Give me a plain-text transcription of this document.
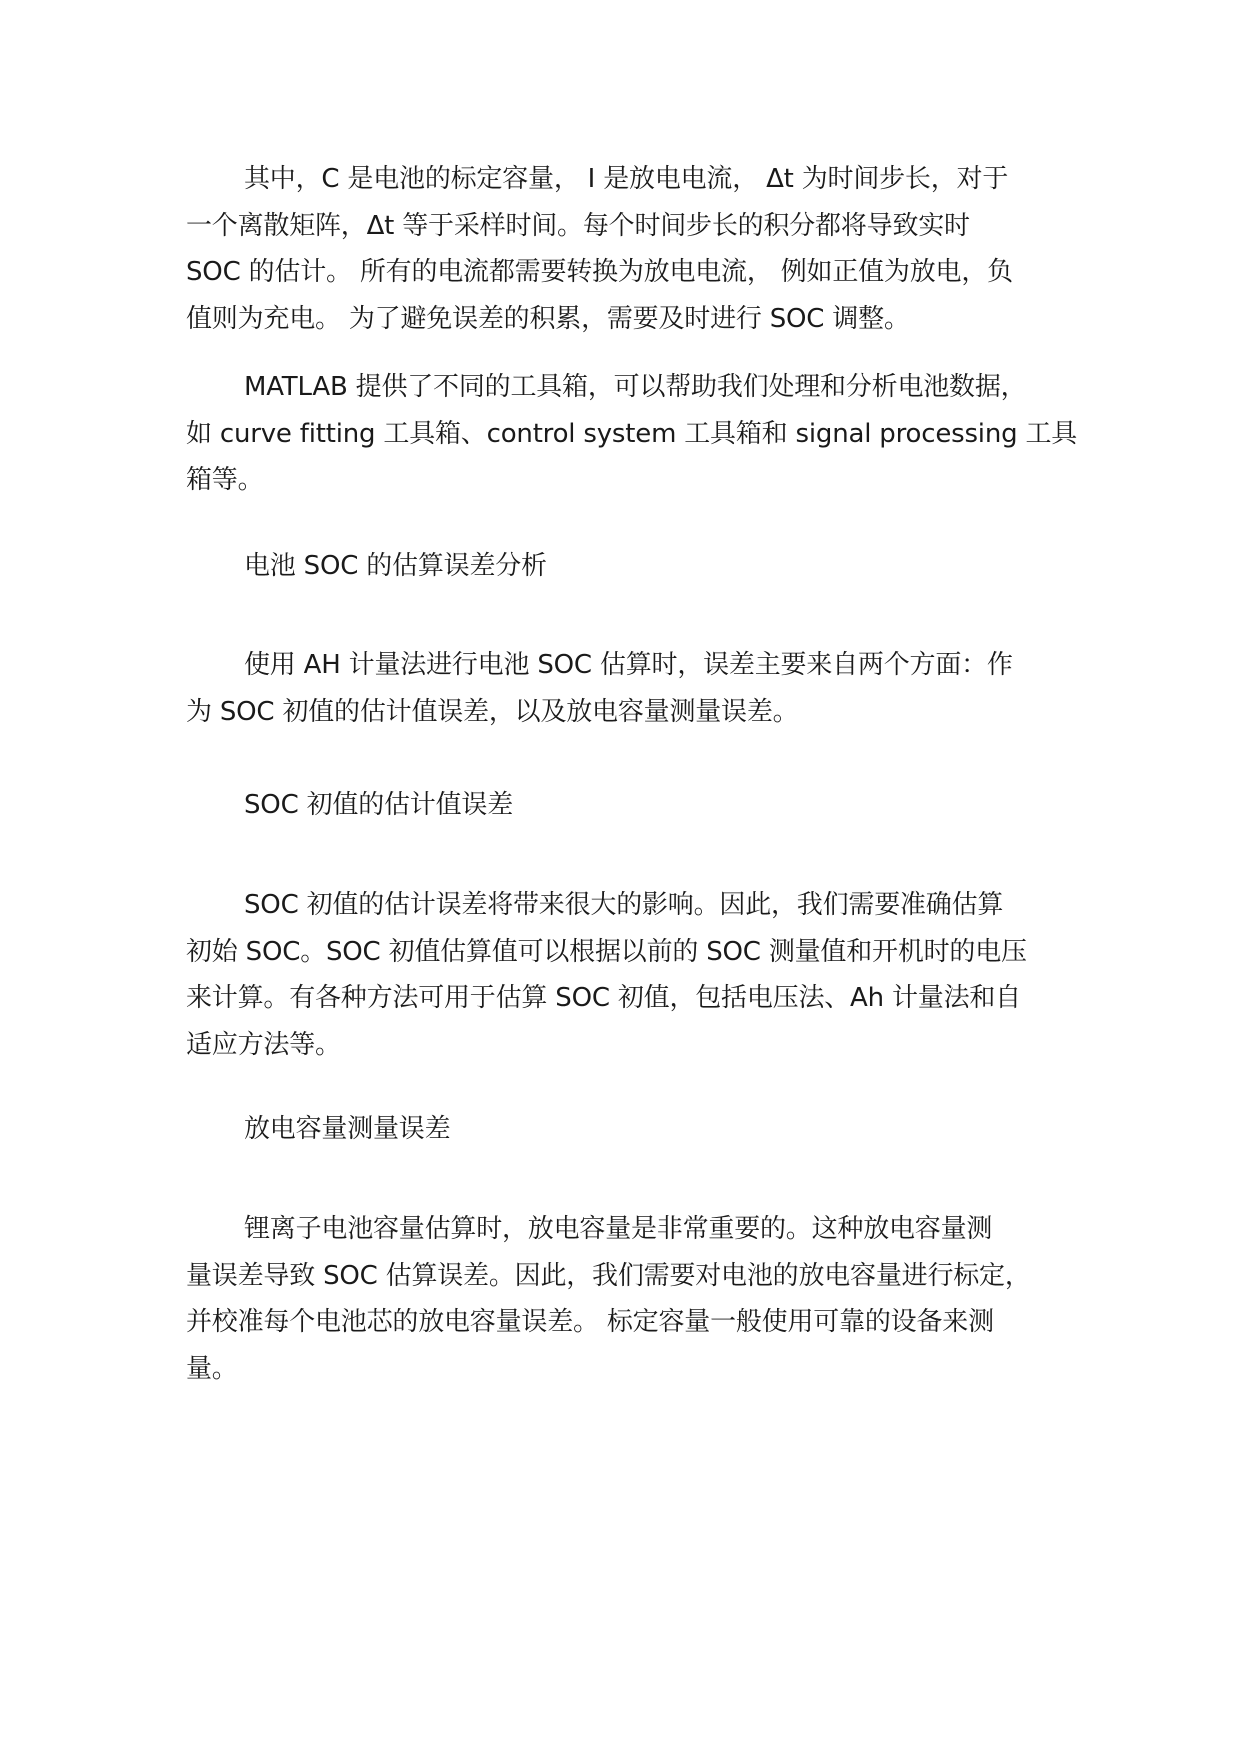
其中，C 是电池的标定容量， I 是放电电流， Δt 为时间步长，对于
一个离散矩阵，Δt 等于采样时间。每个时间步长的积分都将导致实时
SOC 的估计。 所有的电流都需要转换为放电电流， 例如正值为放电，负
值则为充电。 为了避免误差的积累，需要及时进行 SOC 调整。

MATLAB 提供了不同的工具箱，可以帮助我们处理和分析电池数据，
如 curve fitting 工具箱、control system 工具箱和 signal processing 工具
箱等。

电池 SOC 的估算误差分析

使用 AH 计量法进行电池 SOC 估算时，误差主要来自两个方面：作
为 SOC 初值的估计值误差，以及放电容量测量误差。

SOC 初值的估计值误差

SOC 初值的估计误差将带来很大的影响。因此，我们需要准确估算
初始 SOC。SOC 初值估算值可以根据以前的 SOC 测量值和开机时的电压
来计算。有各种方法可用于估算 SOC 初值，包括电压法、Ah 计量法和自
适应方法等。

放电容量测量误差

锂离子电池容量估算时，放电容量是非常重要的。这种放电容量测
量误差导致 SOC 估算误差。因此，我们需要对电池的放电容量进行标定，
并校准每个电池芯的放电容量误差。 标定容量一般使用可靠的设备来测
量。
